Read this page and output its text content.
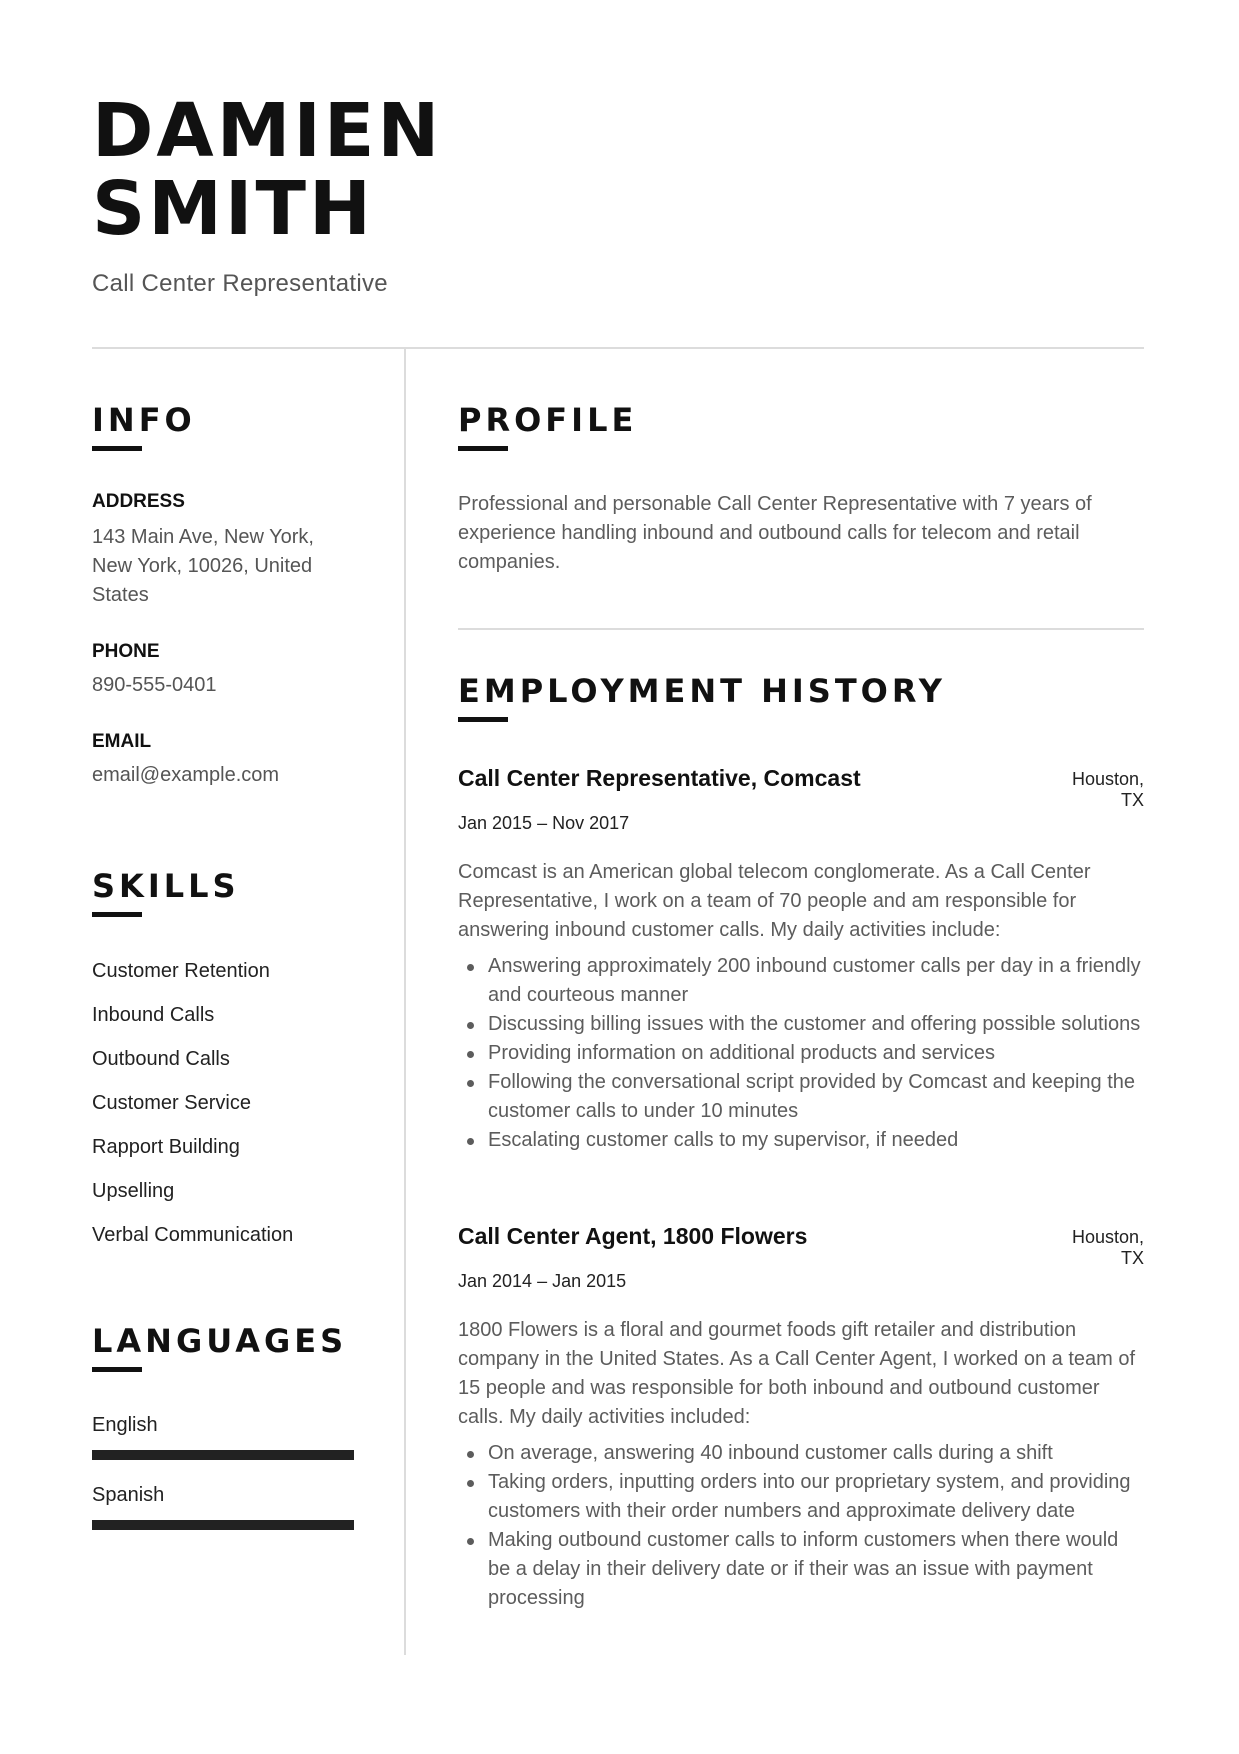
DAMIEN
SMITH
Call Center Representative
INFO
ADDRESS
143 Main Ave, New York, New York, 10026, United States
PHONE
890-555-0401
EMAIL
email@example.com
SKILLS
Customer Retention
Inbound Calls
Outbound Calls
Customer Service
Rapport Building
Upselling
Verbal Communication
LANGUAGES
English
Spanish
PROFILE

Professional and personable Call Center Representative with 7 years of experience handling inbound and outbound calls for telecom and retail companies.

EMPLOYMENT HISTORY
Call Center Representative, Comcast	Houston,
TX
Jan 2015 – Nov 2017

Comcast is an American global telecom conglomerate. As a Call Center Representative, I work on a team of 70 people and am responsible for answering inbound customer calls. My daily activities include:

Answering approximately 200 inbound customer calls per day in a friendly and courteous manner
Discussing billing issues with the customer and offering possible solutions
Providing information on additional products and services
Following the conversational script provided by Comcast and keeping the customer calls to under 10 minutes
Escalating customer calls to my supervisor, if needed
Call Center Agent, 1800 Flowers	Houston,
TX
Jan 2014 – Jan 2015

1800 Flowers is a floral and gourmet foods gift retailer and distribution company in the United States. As a Call Center Agent, I worked on a team of 15 people and was responsible for both inbound and outbound customer calls. My daily activities included:

On average, answering 40 inbound customer calls during a shift
Taking orders, inputting orders into our proprietary system, and providing customers with their order numbers and approximate delivery date
Making outbound customer calls to inform customers when there would be a delay in their delivery date or if their was an issue with payment processing
